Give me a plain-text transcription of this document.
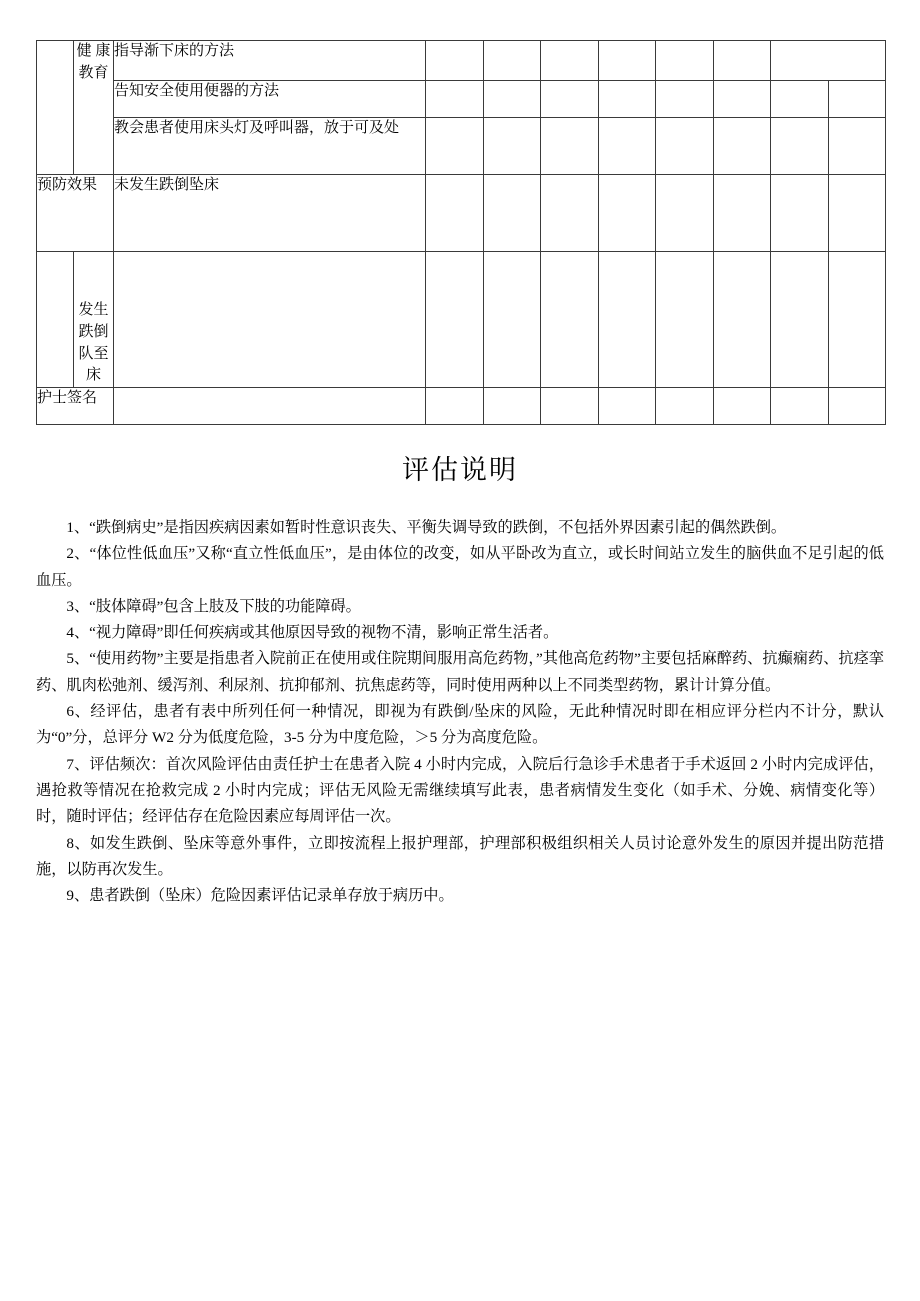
	健 康 教育	指导渐下床的方法								
		告知安全使用便器的方法								
		教会患者使用床头灯及呼叫器，放于可及处								
预防效果		未发生跌倒坠床								
	发生跌倒队至床									
护士签名										
评估说明

1、“跌倒病史”是指因疾病因素如暂时性意识丧失、平衡失调导致的跌倒，不包括外界因素引起的偶然跌倒。

2、“体位性低血压”又称“直立性低血压”，是由体位的改变，如从平卧改为直立，或长时间站立发生的脑供血不足引起的低血压。

3、“肢体障碍”包含上肢及下肢的功能障碍。

4、“视力障碍”即任何疾病或其他原因导致的视物不清，影响正常生活者。

5、“使用药物”主要是指患者入院前正在使用或住院期间服用高危药物，”其他高危药物”主要包括麻醉药、抗癫痫药、抗痉挛药、肌肉松弛剂、缓泻剂、利尿剂、抗抑郁剂、抗焦虑药等，同时使用两种以上不同类型药物，累计计算分值。

6、经评估，患者有表中所列任何一种情况，即视为有跌倒/坠床的风险，无此种情况时即在相应评分栏内不计分，默认为“0”分，总评分 W2 分为低度危险，3-5 分为中度危险，＞5 分为高度危险。

7、评估频次：首次风险评估由责任护士在患者入院 4 小时内完成，入院后行急诊手术患者于手术返回 2 小时内完成评估，遇抢救等情况在抢救完成 2 小时内完成；评估无风险无需继续填写此表，患者病情发生变化（如手术、分娩、病情变化等）时，随时评估；经评估存在危险因素应每周评估一次。

8、如发生跌倒、坠床等意外事件，立即按流程上报护理部，护理部积极组织相关人员讨论意外发生的原因并提出防范措施，以防再次发生。

9、患者跌倒（坠床）危险因素评估记录单存放于病历中。
